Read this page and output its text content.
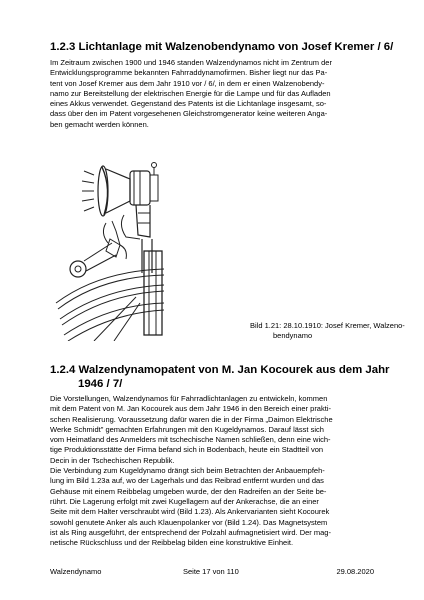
1.2.3 Lichtanlage mit Walzenobendynamo von Josef Kremer / 6/
Im Zeitraum zwischen 1900 und 1946 standen Walzendynamos nicht im Zentrum der
Entwicklungsprogramme bekannten Fahrraddynamofirmen. Bisher liegt nur das Pa-
tent von Josef Kremer aus dem Jahr 1910 vor / 6/, in dem er einen Walzenobendy-
namo zur Bereitstellung der elektrischen Energie für die Lampe und für das Aufladen
eines Akkus verwendet. Gegenstand des Patents ist die Lichtanlage insgesamt, so-
dass über den im Patent vorgesehenen Gleichstromgenerator keine weiteren Anga-
ben gemacht werden können.
Bild 1.21: 28.10.1910: Josef Kremer, Walzeno-
bendynamo
1.2.4 Walzendynamopatent von M. Jan Kocourek aus dem Jahr
1946 / 7/
Die Vorstellungen, Walzendynamos für Fahrradlichtanlagen zu entwickeln, kommen
mit dem Patent von M. Jan Kocourek aus dem Jahr 1946 in den Bereich einer prakti-
schen Realisierung. Voraussetzung dafür waren die in der Firma „Daimon Elektrische
Werke Schmidt" gemachten Erfahrungen mit den Kugeldynamos. Darauf lässt sich
vom Heimatland des Anmelders mit tschechische Namen schließen, denn eine wich-
tige Produktionsstätte der Firma befand sich in Bodenbach, heute ein Stadtteil von
Decin in der Tschechischen Republik.
Die Verbindung zum Kugeldynamo drängt sich beim Betrachten der Anbauempfeh-
lung im Bild 1.23a auf, wo der Lagerhals und das Reibrad entfernt wurden und das
Gehäuse mit einem Reibbelag umgeben wurde, der den Radreifen an der Seite be-
rührt. Die Lagerung erfolgt mit zwei Kugellagern auf der Ankerachse, die an einer
Seite mit dem Halter verschraubt wird (Bild 1.23). Als Ankervarianten sieht Kocourek
sowohl genutete Anker als auch Klauenpolanker vor (Bild 1.24). Das Magnetsystem
ist als Ring ausgeführt, der entsprechend der Polzahl aufmagnetisiert wird. Der mag-
netische Rückschluss und der Reibbelag bilden eine konstruktive Einheit.

Walzendynamo	Seite 17 von 110	29.08.2020
